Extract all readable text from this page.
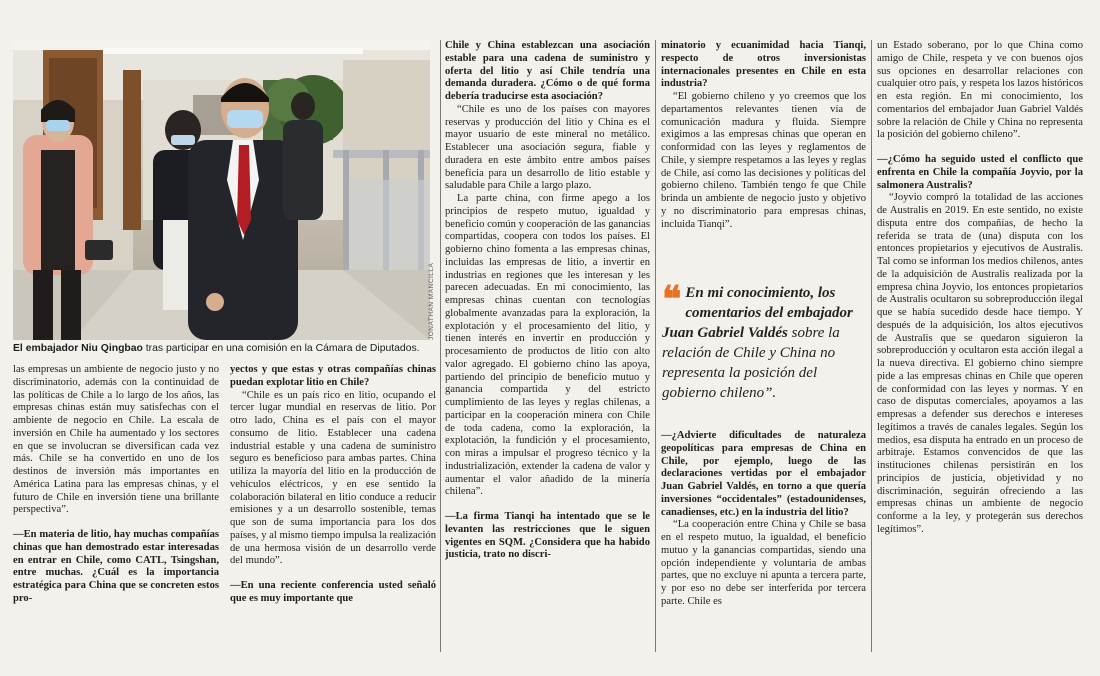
JONATHAN MANCILLA
El embajador Niu Qingbao tras participar en una comisión en la Cámara de Diputados.

las empresas un ambiente de negocio justo y no discriminatorio, además con la continuidad de las políticas de Chile a lo largo de los años, las empresas chinas están muy satisfechas con el ambiente de negocio en Chile. La escala de inversión en Chile ha aumentado y los sectores en que se involucran se diversifican cada vez más. Chile se ha convertido en uno de los destinos de inversión más importantes en América Latina para las empresas chinas, y el futuro de Chile en inversión tiene una brillante perspectiva”.

—En materia de litio, hay muchas compañías chinas que han demostrado estar interesadas en entrar en Chile, como CATL, Tsingshan, entre muchas. ¿Cuál es la importancia estratégica para China que se concreten estos pro-

yectos y que estas y otras compañías chinas puedan explotar litio en Chile?

“Chile es un país rico en litio, ocupando el tercer lugar mundial en reservas de litio. Por otro lado, China es el país con el mayor consumo de litio. Establecer una cadena industrial estable y una cadena de suministro seguro es beneficioso para ambas partes. China utiliza la mayoría del litio en la producción de vehículos eléctricos, y en ese sentido la colaboración bilateral en litio conduce a reducir emisiones y a un desarrollo sostenible, temas que son de suma importancia para los dos países, y al mismo tiempo impulsa la realización de una hermosa visión de un desarrollo verde del mundo”.

—En una reciente conferencia usted señaló que es muy importante que

Chile y China establezcan una asociación estable para una cadena de suministro y oferta del litio y así Chile tendría una demanda duradera. ¿Cómo o de qué forma debería traducirse esta asociación?

“Chile es uno de los países con mayores reservas y producción del litio y China es el mayor usuario de este mineral no metálico. Establecer una asociación segura, fiable y duradera en este ámbito entre ambos países beneficia para un desarrollo de litio estable y saludable para Chile a largo plazo.

La parte china, con firme apego a los principios de respeto mutuo, igualdad y beneficio común y cooperación de las ganancias compartidas, coopera con todos los países. El gobierno chino fomenta a las empresas chinas, incluidas las empresas de litio, a invertir en industrias en regiones que les interesan y les parecen adecuadas. En mi conocimiento, las empresas chinas cuentan con tecnologías globalmente avanzadas para la exploración, la explotación y el procesamiento del litio, y tienen interés en invertir en producción y procesamiento de productos de litio con alto valor agregado. El gobierno chino las apoya, partiendo del principio de beneficio mutuo y ganancia compartida y del estricto cumplimiento de las leyes y reglas chilenas, a participar en la cooperación minera con Chile de toda cadena, como la exploración, la explotación, la fundición y el procesamiento, con miras a impulsar el progreso técnico y la industrialización, extender la cadena de valor y aumentar el valor añadido de la minería chilena”.

—La firma Tianqi ha intentado que se le levanten las restricciones que le siguen vigentes en SQM. ¿Considera que ha habido justicia, trato no discri-

minatorio y ecuanimidad hacia Tianqi, respecto de otros inversionistas internacionales presentes en Chile en esta industria?

“El gobierno chileno y yo creemos que los departamentos relevantes tienen vía de comunicación madura y fluida. Siempre exigimos a las empresas chinas que operan en conformidad con las leyes y reglamentos de Chile, y siempre respetamos a las leyes y reglas de Chile, así como las decisiones y políticas del gobierno chileno. También tengo fe que Chile brinda un ambiente de negocio justo y objetivo y no discriminatorio para empresas chinas, incluida Tianqi”.

❝ En mi conocimiento, los comentarios del embajador Juan Gabriel Valdés sobre la relación de Chile y China no representa la posición del gobierno chileno”.

—¿Advierte dificultades de naturaleza geopolíticas para empresas de China en Chile, por ejemplo, luego de las declaraciones vertidas por el embajador Juan Gabriel Valdés, en torno a que quería inversiones “occidentales” (estadounidenses, canadienses, etc.) en la industria del litio?

“La cooperación entre China y Chile se basa en el respeto mutuo, la igualdad, el beneficio mutuo y la ganancias compartidas, siendo una opción independiente y voluntaria de ambas partes, que no excluye ni apunta a tercera parte, y por eso no debe ser interferida por tercera parte. Chile es

un Estado soberano, por lo que China como amigo de Chile, respeta y ve con buenos ojos sus opciones en desarrollar relaciones con cualquier otro país, y respeta los lazos históricos en esta región. En mi conocimiento, los comentarios del embajador Juan Gabriel Valdés sobre la relación de Chile y China no representa la posición del gobierno chileno”.

—¿Cómo ha seguido usted el conflicto que enfrenta en Chile la compañía Joyvio, por la salmonera Australis?

“Joyvio compró la totalidad de las acciones de Australis en 2019. En este sentido, no existe disputa entre dos compañías, de hecho la referida se trata de (una) disputa con los entonces propietarios y ejecutivos de Australis. Tal como se informan los medios chilenos, antes de la adquisición de Australis realizada por la empresa china Joyvio, los entonces propietarios de Australis ocultaron su sobreproducción ilegal que se había sucedido desde hace tiempo. Y después de la adquisición, los altos ejecutivos de Australis que se quedaron siguieron la sobreproducción y ocultaron esta acción ilegal a la nueva directiva. El gobierno chino siempre pide a las empresas chinas en Chile que operen de conformidad con las leyes y normas. Y en caso de disputas comerciales, apoyamos a las empresas a defender sus derechos e intereses legítimos a través de canales legales. Según los medios, esa disputa ha entrado en un proceso de arbitraje. Estamos convencidos de que las instituciones chilenas persistirán en los principios de justicia, objetividad y no discriminación, seguirán ofreciendo a las empresas chinas un ambiente de negocio conforme a la ley, y protegerán sus derechos legítimos”.
